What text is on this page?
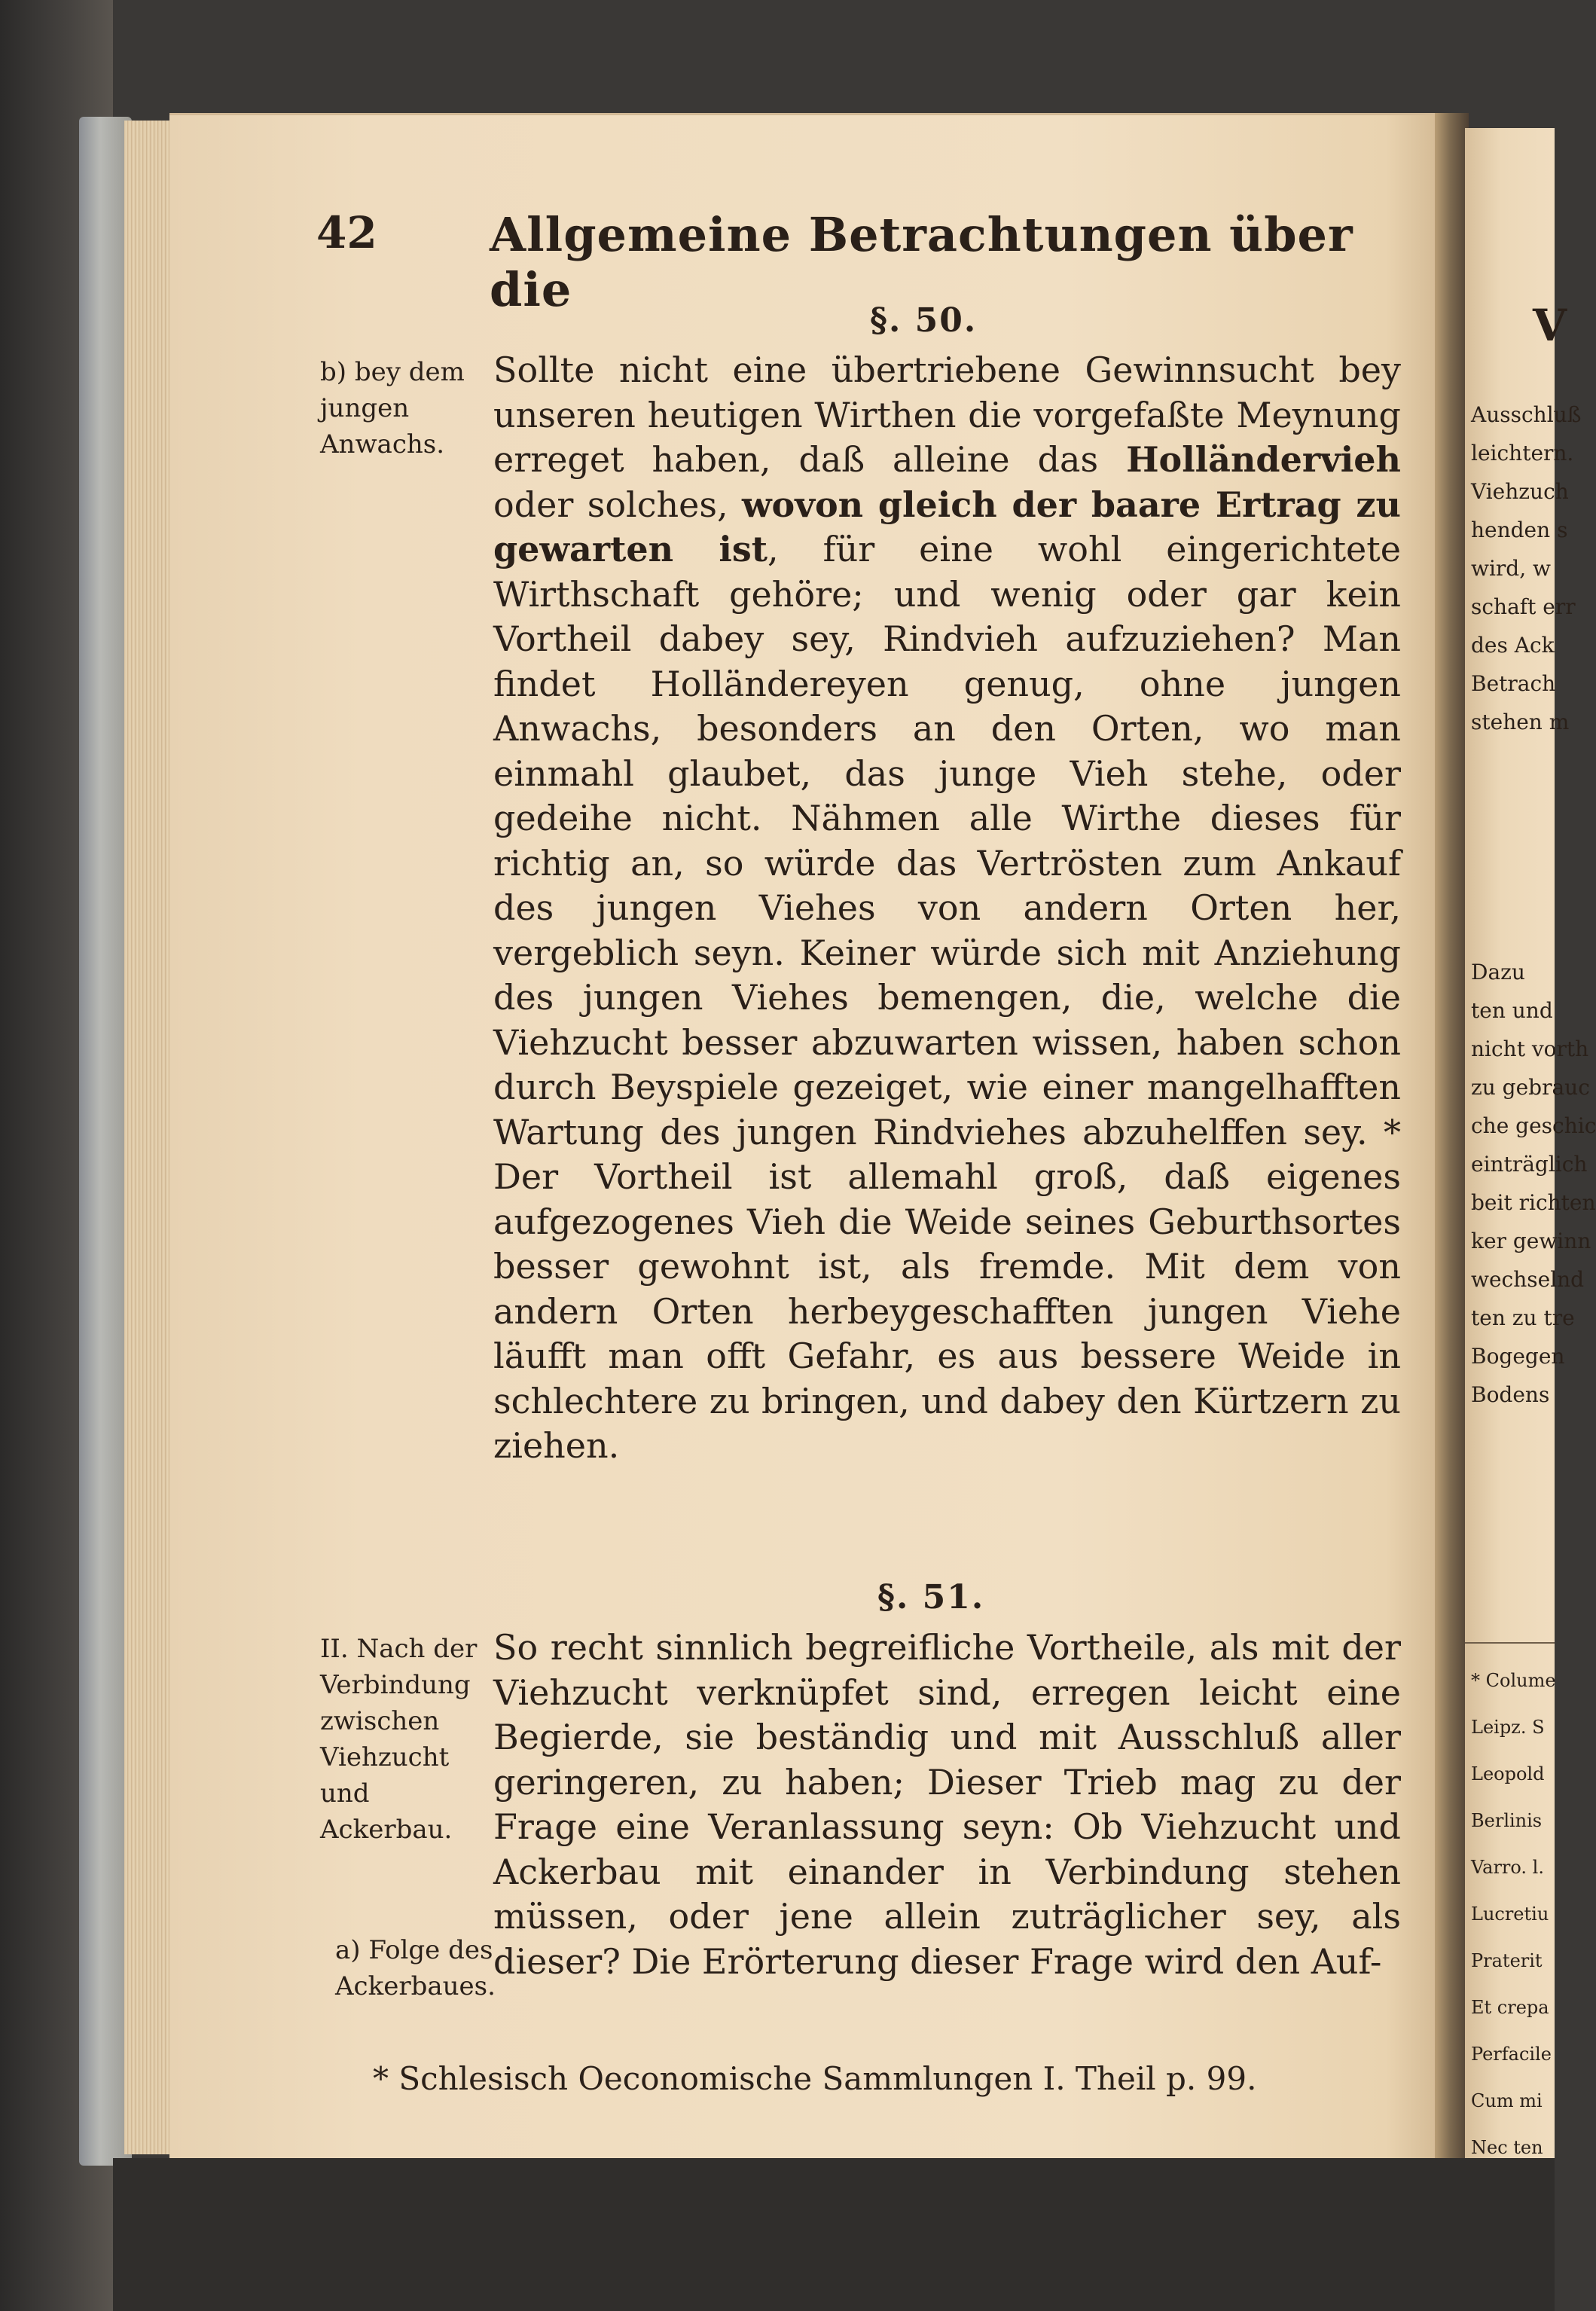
42 Allgemeine Betrachtungen über die
§. 50.
b) bey dem jungen Anwachs.
Sollte nicht eine übertriebene Gewinnsucht bey unseren heutigen Wirthen die vorgefaßte Meynung erreget haben, daß alleine das Holländervieh oder solches, wovon gleich der baare Ertrag zu gewarten ist, für eine wohl eingerichtete Wirthschaft gehöre; und wenig oder gar kein Vortheil dabey sey, Rindvieh aufzuziehen? Man findet Holländereyen genug, ohne jungen Anwachs, besonders an den Orten, wo man einmahl glaubet, das junge Vieh stehe, oder gedeihe nicht. Nähmen alle Wirthe dieses für richtig an, so würde das Vertrösten zum Ankauf des jungen Viehes von andern Orten her, vergeblich seyn. Keiner würde sich mit Anziehung des jungen Viehes bemengen, die, welche die Viehzucht besser abzuwarten wissen, haben schon durch Beyspiele gezeiget, wie einer mangelhafften Wartung des jungen Rindviehes abzuhelffen sey. * Der Vortheil ist allemahl groß, daß eigenes aufgezogenes Vieh die Weide seines Geburthsortes besser gewohnt ist, als fremde. Mit dem von andern Orten herbeygeschafften jungen Viehe läufft man offt Gefahr, es aus bessere Weide in schlechtere zu bringen, und dabey den Kürtzern zu ziehen.
§. 51.
II. Nach der Verbindung zwischen Viehzucht und Ackerbau.
a) Folge des Ackerbaues.
So recht sinnlich begreifliche Vortheile, als mit der Viehzucht verknüpfet sind, erregen leicht eine Begierde, sie beständig und mit Ausschluß aller geringeren, zu haben; Dieser Trieb mag zu der Frage eine Veranlassung seyn: Ob Viehzucht und Ackerbau mit einander in Verbindung stehen müssen, oder jene allein zuträglicher sey, als dieser? Die Erörterung dieser Frage wird den Auf-
* Schlesisch Oeconomische Sammlungen I. Theil p. 99.
V
Ausschluß
leichtern.
Viehzuch
henden s
wird, w
schaft err
des Ack
Betrach
stehen m
Dazu
ten und
nicht vorth
zu gebrauc
che geschic
einträglich
beit richten
ker gewinn
wechselnd
ten zu tre
Bogegen
Bodens
* Colume
Leipz. S
Leopold
Berlinis
Varro. l.
Lucretiu
Praterit
Et crepa
Perfacile
Cum mi
Nec ten
